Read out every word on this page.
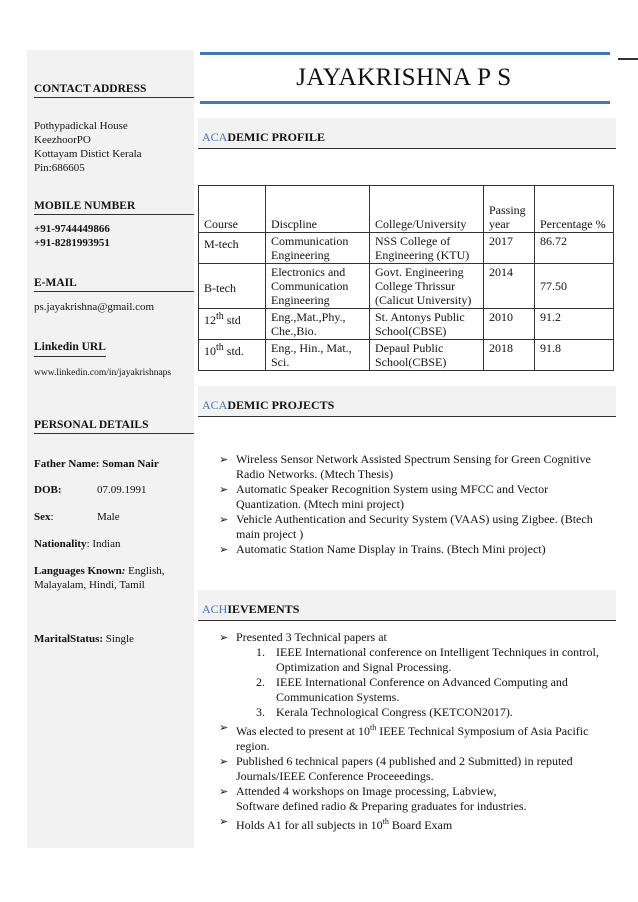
CONTACT ADDRESS
Pothypadickal House
KeezhoorPO
Kottayam Distict Kerala
Pin:686605
MOBILE NUMBER
+91-9744449866
+91-8281993951
E-MAIL
ps.jayakrishna@gmail.com
Linkedin URL
www.linkedin.com/in/jayakrishnaps
PERSONAL DETAILS
Father Name: Soman Nair
DOB:	07.09.1991
Sex:	Male
Nationality: Indian
Languages Known: English,
Malayalam, Hindi, Tamil
MaritalStatus: Single
JAYAKRISHNA P S
ACADEMIC PROFILE
Course	Discpline	College/University	Passing year	Percentage %
M-tech	Communication Engineering	NSS College of Engineering (KTU)	2017	86.72
B-tech	Electronics and Communication Engineering	Govt. Engineering College Thrissur (Calicut University)	2014	77.50
12th std	Eng.,Mat.,Phy., Che.,Bio.	St. Antonys Public School(CBSE)	2010	91.2
10th std.	Eng., Hin., Mat., Sci.	Depaul Public School(CBSE)	2018	91.8
ACADEMIC PROJECTS
➢ Wireless Sensor Network Assisted Spectrum Sensing for Green Cognitive Radio Networks. (Mtech Thesis)
➢ Automatic Speaker Recognition System using MFCC and Vector Quantization. (Mtech mini project)
➢ Vehicle Authentication and Security System (VAAS) using Zigbee. (Btech main project )
➢ Automatic Station Name Display in Trains. (Btech Mini project)
ACHIEVEMENTS
➢ Presented 3 Technical papers at
1. IEEE International conference on Intelligent Techniques in control, Optimization and Signal Processing.
2. IEEE International Conference on Advanced Computing and Communication Systems.
3. Kerala Technological Congress (KETCON2017).
➢ Was elected to present at 10th IEEE Technical Symposium of Asia Pacific region.
➢ Published 6 technical papers (4 published and 2 Submitted) in reputed Journals/IEEE Conference Proceeedings.
➢ Attended 4 workshops on Image processing, Labview,
Software defined radio & Preparing graduates for industries.
➢ Holds A1 for all subjects in 10th Board Exam
